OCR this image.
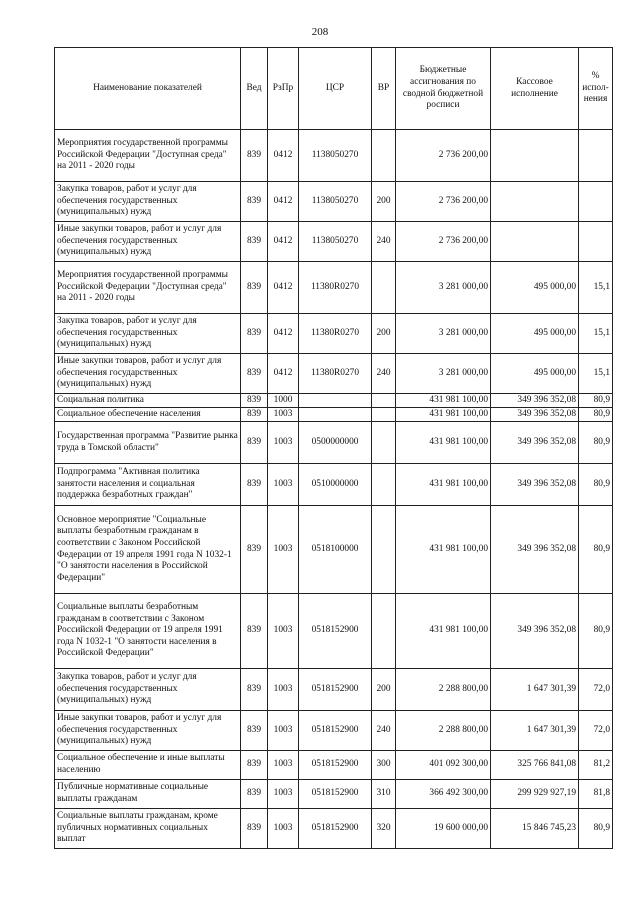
208
Наименование показателей	Вед	РзПр	ЦСР	ВР	Бюджетные ассигнования по сводной бюджетной росписи	Кассовое исполнение	% испол-нения
Мероприятия государственной программы Российской Федерации "Доступная среда" на 2011 - 2020 годы	839	0412	1138050270		2 736 200,00		
Закупка товаров, работ и услуг для обеспечения государственных (муниципальных) нужд	839	0412	1138050270	200	2 736 200,00		
Иные закупки товаров, работ и услуг для обеспечения государственных (муниципальных) нужд	839	0412	1138050270	240	2 736 200,00		
Мероприятия государственной программы Российской Федерации "Доступная среда" на 2011 - 2020 годы	839	0412	11380R0270		3 281 000,00	495 000,00	15,1
Закупка товаров, работ и услуг для обеспечения государственных (муниципальных) нужд	839	0412	11380R0270	200	3 281 000,00	495 000,00	15,1
Иные закупки товаров, работ и услуг для обеспечения государственных (муниципальных) нужд	839	0412	11380R0270	240	3 281 000,00	495 000,00	15,1
Социальная политика	839	1000			431 981 100,00	349 396 352,08	80,9
Социальное обеспечение населения	839	1003			431 981 100,00	349 396 352,08	80,9
Государственная программа "Развитие рынка труда в Томской области"	839	1003	0500000000		431 981 100,00	349 396 352,08	80,9
Подпрограмма "Активная политика занятости населения и социальная поддержка безработных граждан"	839	1003	0510000000		431 981 100,00	349 396 352,08	80,9
Основное мероприятие "Социальные выплаты безработным гражданам в соответствии с Законом Российской Федерации от 19 апреля 1991 года N 1032-1 "О занятости населения в Российской Федерации"	839	1003	0518100000		431 981 100,00	349 396 352,08	80,9
Социальные выплаты безработным гражданам в соответствии с Законом Российской Федерации от 19 апреля 1991 года N 1032-1 "О занятости населения в Российской Федерации"	839	1003	0518152900		431 981 100,00	349 396 352,08	80,9
Закупка товаров, работ и услуг для обеспечения государственных (муниципальных) нужд	839	1003	0518152900	200	2 288 800,00	1 647 301,39	72,0
Иные закупки товаров, работ и услуг для обеспечения государственных (муниципальных) нужд	839	1003	0518152900	240	2 288 800,00	1 647 301,39	72,0
Социальное обеспечение и иные выплаты населению	839	1003	0518152900	300	401 092 300,00	325 766 841,08	81,2
Публичные нормативные социальные выплаты гражданам	839	1003	0518152900	310	366 492 300,00	299 929 927,19	81,8
Социальные выплаты гражданам, кроме публичных нормативных социальных выплат	839	1003	0518152900	320	19 600 000,00	15 846 745,23	80,9
